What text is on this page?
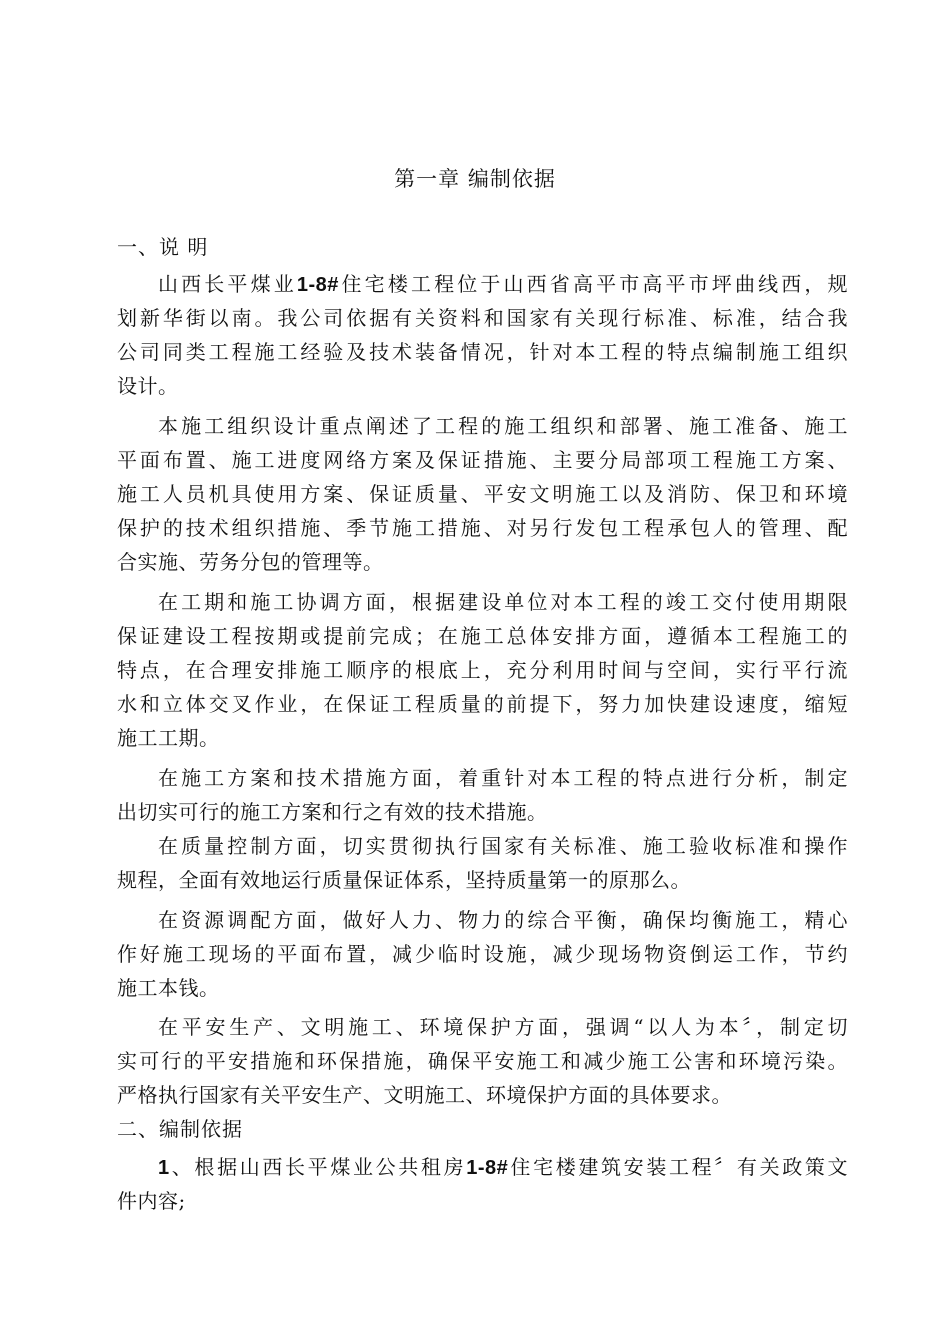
第一章 编制依据
一、说 明
山西长平煤业1-8#住宅楼工程位于山西省高平市高平市坪曲线西，规
划新华街以南。我公司依据有关资料和国家有关现行标准、标准，结合我
公司同类工程施工经验及技术装备情况，针对本工程的特点编制施工组织
设计。
本施工组织设计重点阐述了工程的施工组织和部署、施工准备、施工
平面布置、施工进度网络方案及保证措施、主要分局部项工程施工方案、
施工人员机具使用方案、保证质量、平安文明施工以及消防、保卫和环境
保护的技术组织措施、季节施工措施、对另行发包工程承包人的管理、配
合实施、劳务分包的管理等。
在工期和施工协调方面，根据建设单位对本工程的竣工交付使用期限
保证建设工程按期或提前完成；在施工总体安排方面，遵循本工程施工的
特点，在合理安排施工顺序的根底上，充分利用时间与空间，实行平行流
水和立体交叉作业，在保证工程质量的前提下，努力加快建设速度，缩短
施工工期。
在施工方案和技术措施方面，着重针对本工程的特点进行分析，制定
出切实可行的施工方案和行之有效的技术措施。
在质量控制方面，切实贯彻执行国家有关标准、施工验收标准和操作
规程，全面有效地运行质量保证体系，坚持质量第一的原那么。
在资源调配方面，做好人力、物力的综合平衡，确保均衡施工，精心
作好施工现场的平面布置，减少临时设施，减少现场物资倒运工作，节约
施工本钱。
在平安生产、文明施工、环境保护方面，强调“以人为本〞，制定切
实可行的平安措施和环保措施，确保平安施工和减少施工公害和环境污染。
严格执行国家有关平安生产、文明施工、环境保护方面的具体要求。
二、编制依据
1、根据山西长平煤业公共租房1-8#住宅楼建筑安装工程〞有关政策文
件内容;
